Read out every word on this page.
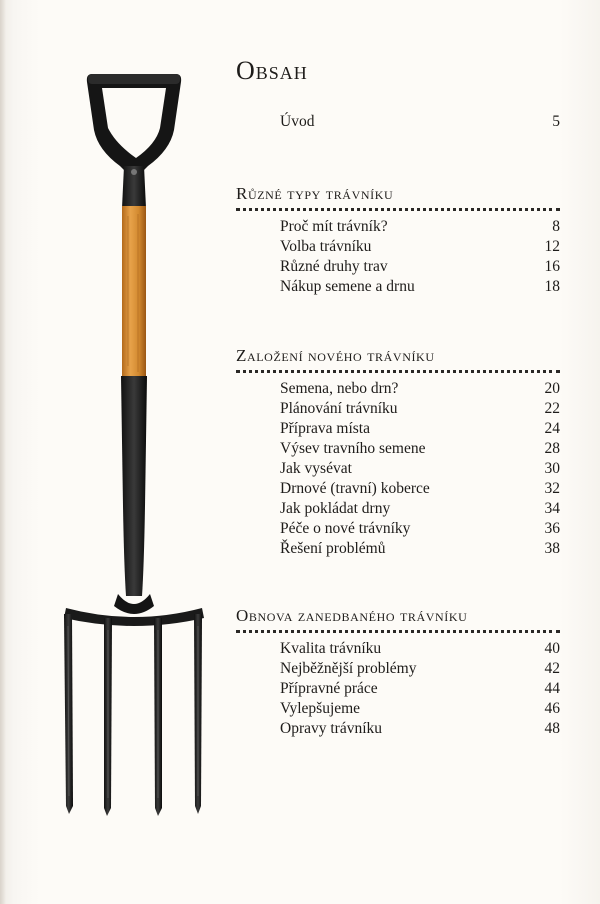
Obsah
Úvod	5
Různé typy trávníku
Proč mít trávník?	8
Volba trávníku	12
Různé druhy trav	16
Nákup semene a drnu	18
Založení nového trávníku
Semena, nebo drn?	20
Plánování trávníku	22
Příprava místa	24
Výsev travního semene	28
Jak vysévat	30
Drnové (travní) koberce	32
Jak pokládat drny	34
Péče o nové trávníky	36
Řešení problémů	38
Obnova zanedbaného trávníku
Kvalita trávníku	40
Nejběžnější problémy	42
Přípravné práce	44
Vylepšujeme	46
Opravy trávníku	48
